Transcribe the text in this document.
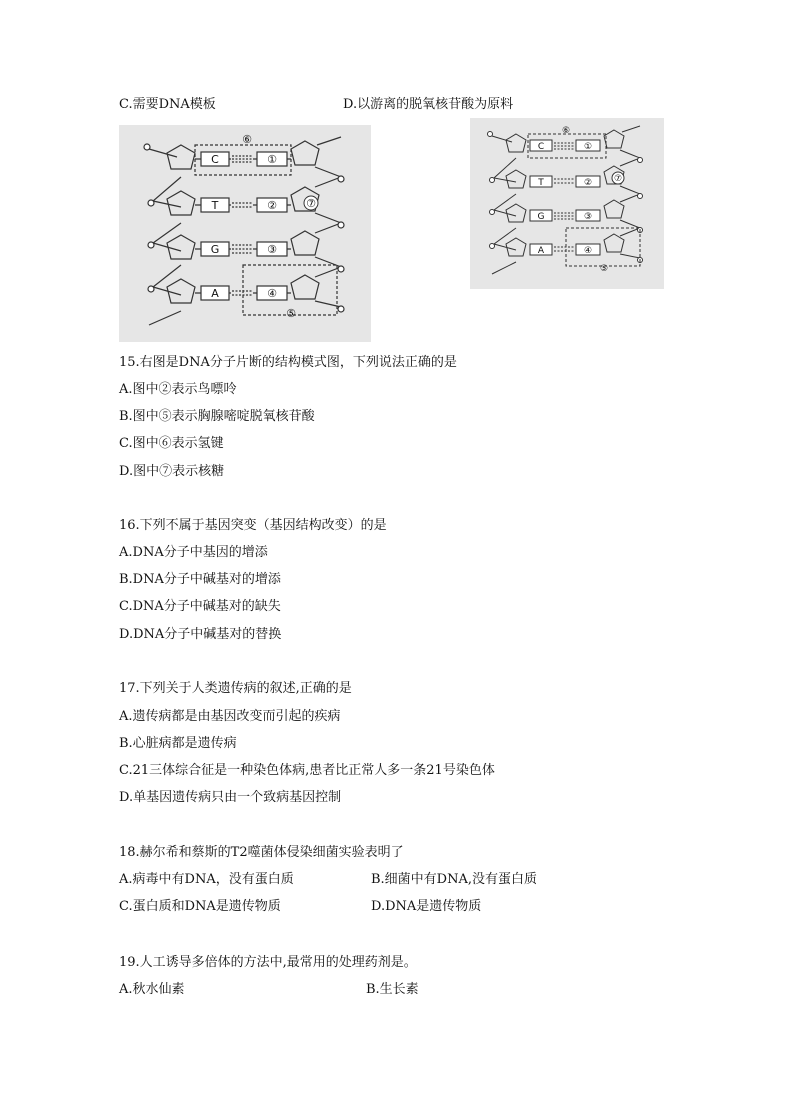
C.需要DNA模板	D.以游离的脱氧核苷酸为原料
C
T
G
A
①
②
③
④
⑥
⑦
⑤
C
T
G
A
①
②
③
④
⑥
⑦
⑤
15.右图是DNA分子片断的结构模式图，下列说法正确的是
A.图中②表示鸟嘌呤
B.图中⑤表示胸腺嘧啶脱氧核苷酸
C.图中⑥表示氢键
D.图中⑦表示核糖
16.下列不属于基因突变（基因结构改变）的是
A.DNA分子中基因的增添
B.DNA分子中碱基对的增添
C.DNA分子中碱基对的缺失
D.DNA分子中碱基对的替换
17.下列关于人类遗传病的叙述,正确的是
A.遗传病都是由基因改变而引起的疾病
B.心脏病都是遗传病
C.21三体综合征是一种染色体病,患者比正常人多一条21号染色体
D.单基因遗传病只由一个致病基因控制
18.赫尔希和蔡斯的T2噬菌体侵染细菌实验表明了
A.病毒中有DNA，没有蛋白质	B.细菌中有DNA,没有蛋白质
C.蛋白质和DNA是遗传物质	D.DNA是遗传物质
19.人工诱导多倍体的方法中,最常用的处理药剂是。
A.秋水仙素	B.生长素
